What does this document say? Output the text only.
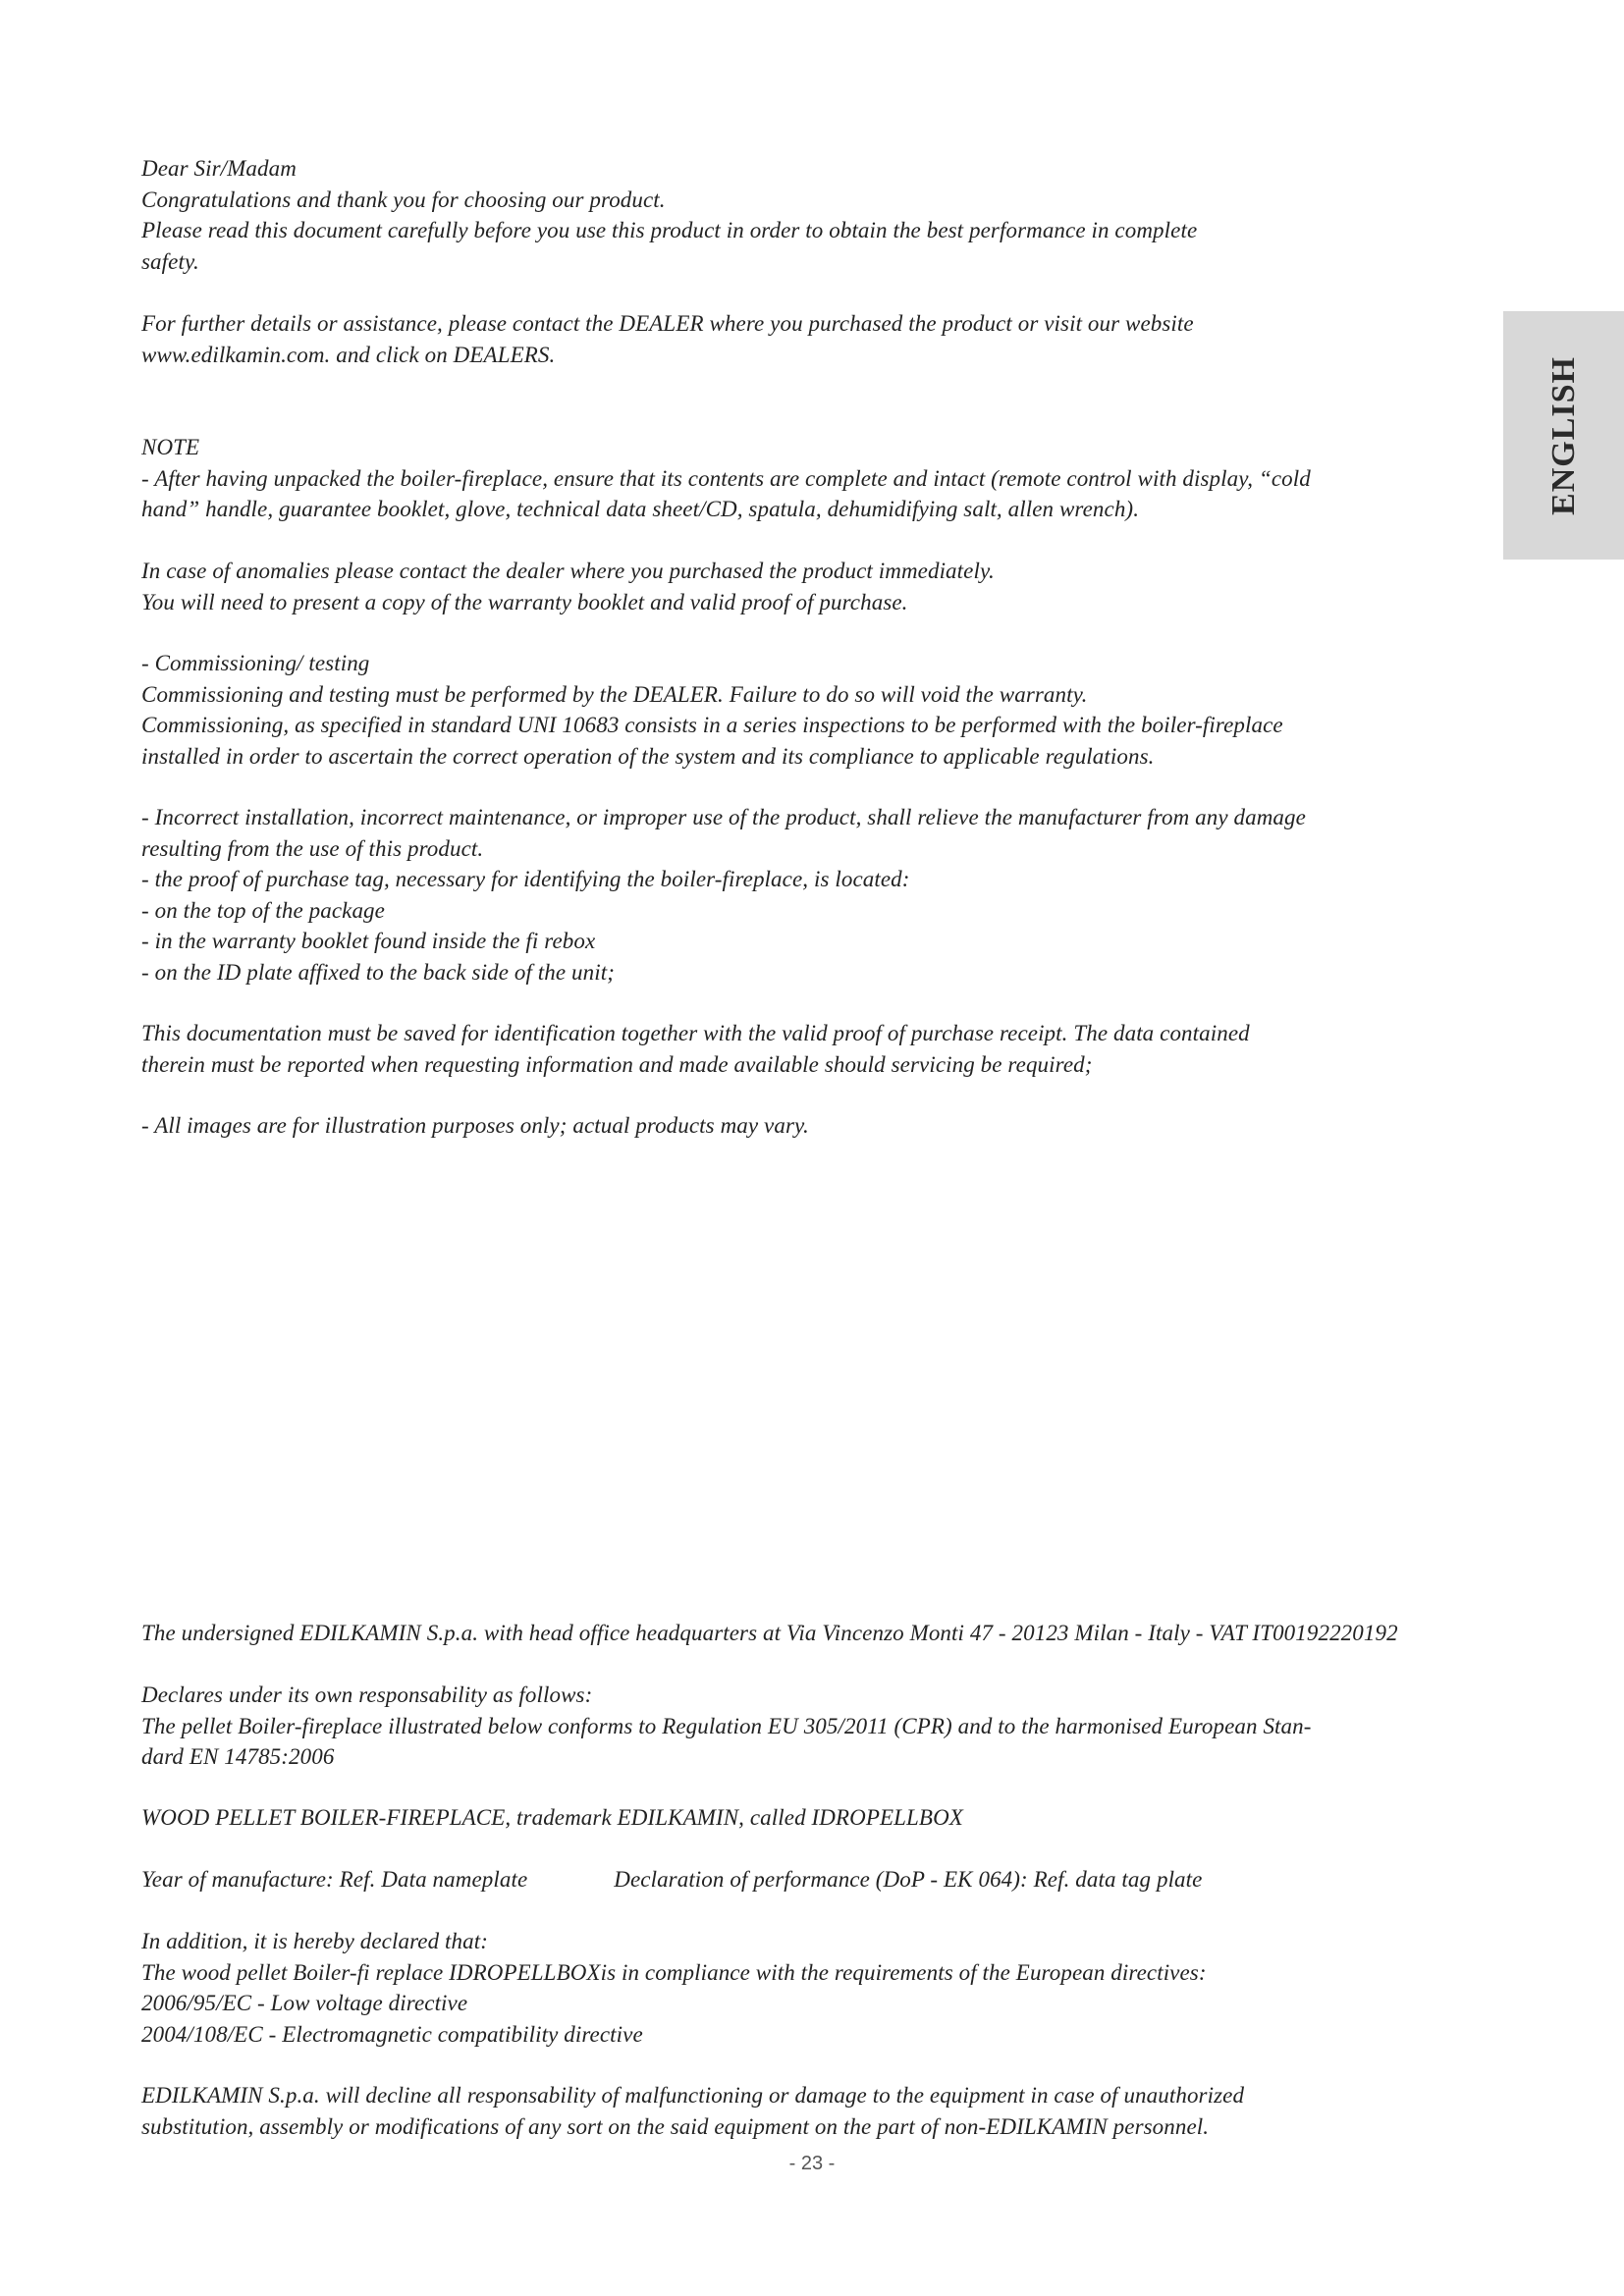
ENGLISH
Dear Sir/Madam
Congratulations and thank you for choosing our product.
Please read this document carefully before you use this product in order to obtain the best performance in complete
safety.
For further details or assistance, please contact the DEALER where you purchased the product or visit our website
www.edilkamin.com. and click on DEALERS.
NOTE
- After having unpacked the boiler-fireplace, ensure that its contents are complete and intact (remote control with display, “cold
hand” handle, guarantee booklet, glove, technical data sheet/CD, spatula, dehumidifying salt, allen wrench).
In case of anomalies please contact the dealer where you purchased the product immediately.
You will need to present a copy of the warranty booklet and valid proof of purchase.
- Commissioning/ testing
Commissioning and testing must be performed by the DEALER. Failure to do so will void the warranty.
Commissioning, as specified in standard UNI 10683 consists in a series inspections to be performed with the boiler-fireplace
installed in order to ascertain the correct operation of the system and its compliance to applicable regulations.
- Incorrect installation, incorrect maintenance, or improper use of the product, shall relieve the manufacturer from any damage
resulting from the use of this product.
- the proof of purchase tag, necessary for identifying the boiler-fireplace, is located:
- on the top of the package
- in the warranty booklet found inside the fi rebox
- on the ID plate affixed to the back side of the unit;
This documentation must be saved for identification together with the valid proof of purchase receipt. The data contained
therein must be reported when requesting information and made available should servicing be required;
- All images are for illustration purposes only; actual products may vary.
The undersigned EDILKAMIN S.p.a. with head office headquarters at Via Vincenzo Monti 47 - 20123 Milan - Italy - VAT IT00192220192
Declares under its own responsability as follows:
The pellet Boiler-fireplace illustrated below conforms to Regulation EU 305/2011 (CPR) and to the harmonised European Stan-
dard EN 14785:2006
WOOD PELLET BOILER-FIREPLACE, trademark EDILKAMIN, called IDROPELLBOX
Year of manufacture: Ref. Data nameplate	Declaration of performance (DoP - EK 064): Ref. data tag plate
In addition, it is hereby declared that:
The wood pellet Boiler-fi replace IDROPELLBOXis in compliance with the requirements of the European directives:
2006/95/EC - Low voltage directive
2004/108/EC - Electromagnetic compatibility directive
EDILKAMIN S.p.a. will decline all responsability of malfunctioning or damage to the equipment in case of unauthorized
substitution, assembly or modifications of any sort on the said equipment on the part of non-EDILKAMIN personnel.
- 23 -
